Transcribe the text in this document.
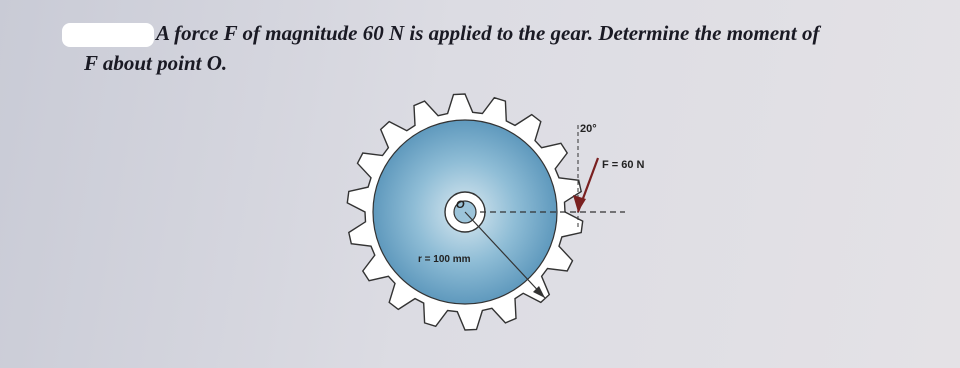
A force F of magnitude 60 N is applied to the gear. Determine the moment of
F about point O.
O
r = 100 mm
20°
F = 60 N
